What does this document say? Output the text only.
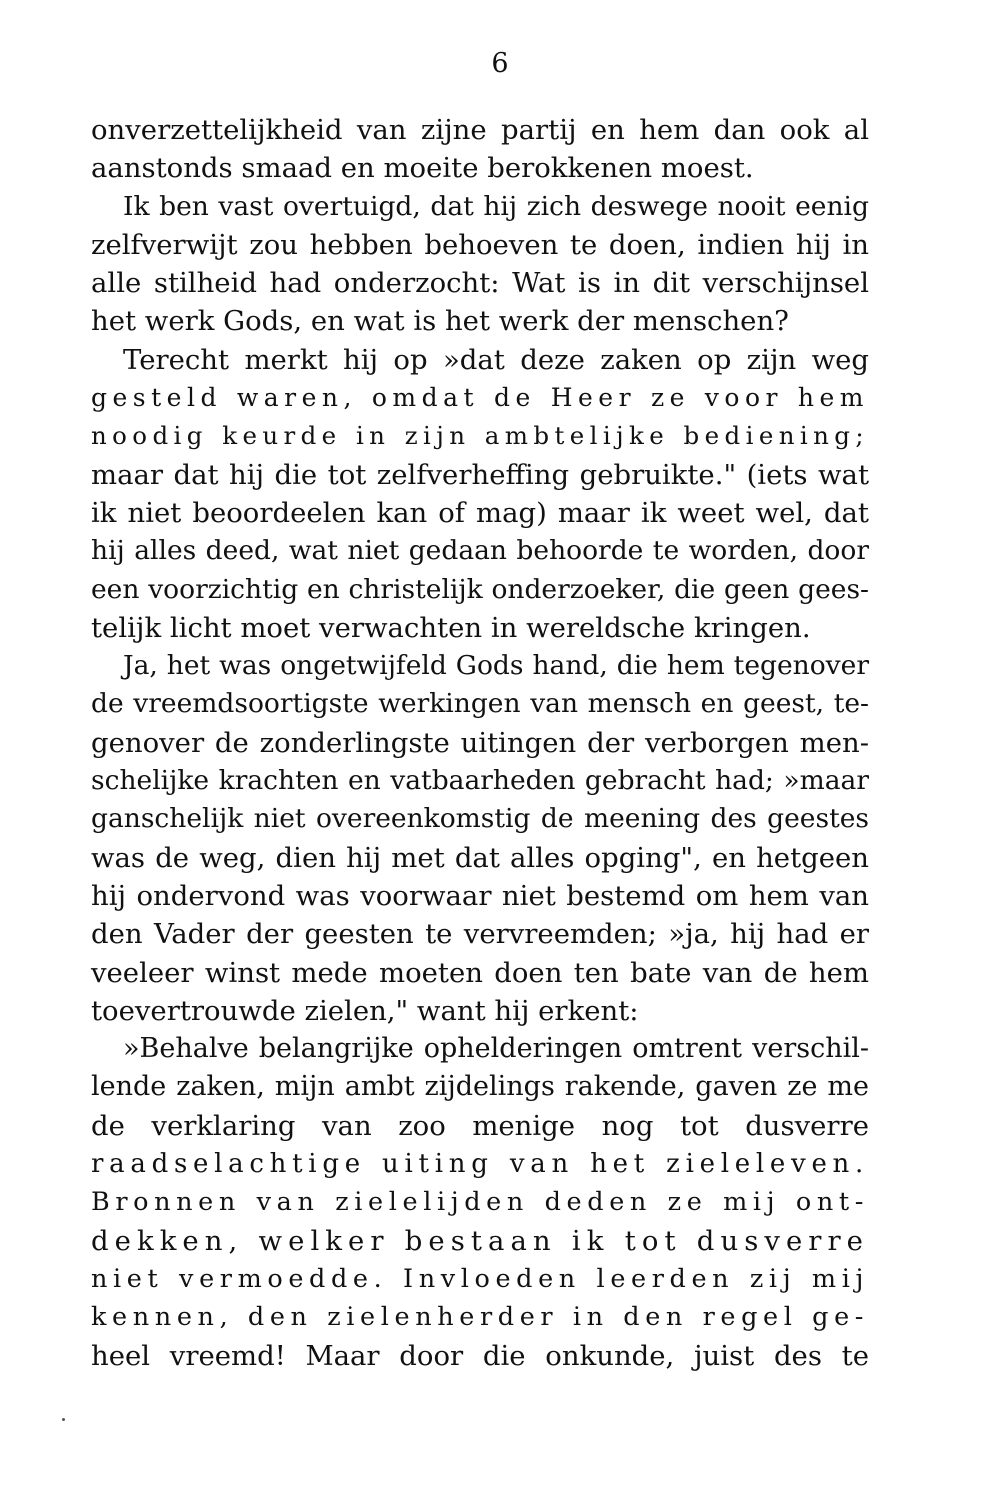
6
onverzettelijkheid van zijne partij en hem dan ook al
aanstonds smaad en moeite berokkenen moest.
Ik ben vast overtuigd, dat hij zich deswege nooit eenig
zelfverwijt zou hebben behoeven te doen, indien hij in
alle stilheid had onderzocht: Wat is in dit verschijnsel
het werk Gods, en wat is het werk der menschen?
Terecht merkt hij op »dat deze zaken op zijn weg
gesteld waren, omdat de Heer ze voor hem
noodig keurde in zijn ambtelijke bediening;
maar dat hij die tot zelfverheffing gebruikte." (iets wat
ik niet beoordeelen kan of mag) maar ik weet wel, dat
hij alles deed, wat niet gedaan behoorde te worden, door
een voorzichtig en christelijk onderzoeker, die geen gees-
telijk licht moet verwachten in wereldsche kringen.
Ja, het was ongetwijfeld Gods hand, die hem tegenover
de vreemdsoortigste werkingen van mensch en geest, te-
genover de zonderlingste uitingen der verborgen men-
schelijke krachten en vatbaarheden gebracht had; »maar
ganschelijk niet overeenkomstig de meening des geestes
was de weg, dien hij met dat alles opging", en hetgeen
hij ondervond was voorwaar niet bestemd om hem van
den Vader der geesten te vervreemden; »ja, hij had er
veeleer winst mede moeten doen ten bate van de hem
toevertrouwde zielen," want hij erkent:
»Behalve belangrijke ophelderingen omtrent verschil-
lende zaken, mijn ambt zijdelings rakende, gaven ze me
de verklaring van zoo menige nog tot dusverre
raadselachtige uiting van het zieleleven.
Bronnen van zielelijden deden ze mij ont-
dekken, welker bestaan ik tot dusverre
niet vermoedde. Invloeden leerden zij mij
kennen, den zielenherder in den regel ge-
heel vreemd! Maar door die onkunde, juist des te
